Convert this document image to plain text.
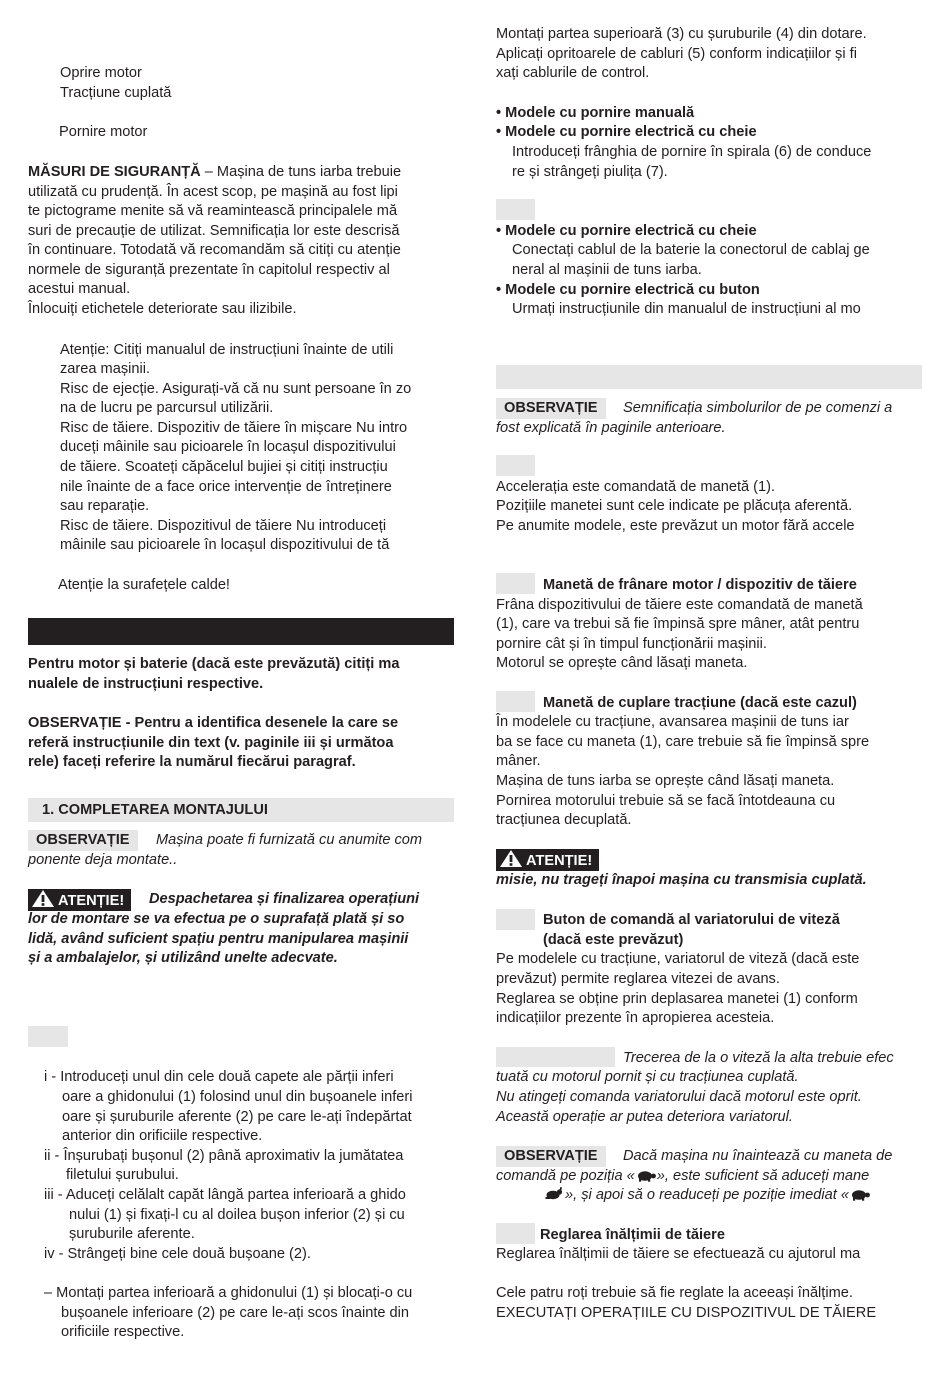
Oprire motor
Tracțiune cuplată
Pornire motor
MĂSURI DE SIGURANȚĂ – Mașina de tuns iarba trebuie
utilizată cu prudență. În acest scop, pe mașină au fost lipi
te pictograme menite să vă reamintească principalele mă
suri de precauție de utilizat. Semnificația lor este descrisă
în continuare. Totodată vă recomandăm să citiți cu atenție
normele de siguranță prezentate în capitolul respectiv al
acestui manual.
Înlocuiți etichetele deteriorate sau ilizibile.
Atenție: Citiți manualul de instrucțiuni înainte de utili
zarea mașinii.
Risc de ejecție. Asigurați-vă că nu sunt persoane în zo
na de lucru pe parcursul utilizării.
Risc de tăiere. Dispozitiv de tăiere în mișcare Nu intro
duceți mâinile sau picioarele în locașul dispozitivului
de tăiere. Scoateți căpăcelul bujiei și citiți instrucțiu
nile înainte de a face orice intervenție de întreținere
sau reparație.
Risc de tăiere. Dispozitivul de tăiere Nu introduceți
mâinile sau picioarele în locașul dispozitivului de tă
Atenție la surafețele calde!
Pentru motor și baterie (dacă este prevăzută) citiți ma
nualele de instrucțiuni respective.
OBSERVAȚIE - Pentru a identifica desenele la care se
referă instrucțiunile din text (v. paginile iii și următoa
rele) faceți referire la numărul fiecărui paragraf.
1. COMPLETAREA MONTAJULUI
OBSERVAȚIE	Mașina poate fi furnizată cu anumite com
ponente deja montate..
ATENȚIE!	Despachetarea și finalizarea operațiuni
lor de montare se va efectua pe o suprafață plată și so
lidă, având suficient spațiu pentru manipularea mașinii
și a ambalajelor, și utilizând unelte adecvate.
i - Introduceți unul din cele două capete ale părții inferi
oare a ghidonului (1) folosind unul din bușoanele inferi
oare și șuruburile aferente (2) pe care le-ați îndepărtat
anterior din orificiile respective.
ii - Înșurubați bușonul (2) până aproximativ la jumătatea
filetului șurubului.
iii - Aduceți celălalt capăt lângă partea inferioară a ghido
nului (1) și fixați-l cu al doilea bușon inferior (2) și cu
șuruburile aferente.
iv - Strângeți bine cele două bușoane (2).
– Montați partea inferioară a ghidonului (1) și blocați-o cu
bușoanele inferioare (2) pe care le-ați scos înainte din
orificiile respective.
Montați partea superioară (3) cu șuruburile (4) din dotare.
Aplicați opritoarele de cabluri (5) conform indicațiilor și fi
xați cablurile de control.
• Modele cu pornire manuală
• Modele cu pornire electrică cu cheie
Introduceți frânghia de pornire în spirala (6) de conduce
re și strângeți piulița (7).
• Modele cu pornire electrică cu cheie
Conectați cablul de la baterie la conectorul de cablaj ge
neral al mașinii de tuns iarba.
• Modele cu pornire electrică cu buton
Urmați instrucțiunile din manualul de instrucțiuni al mo
OBSERVAȚIE	Semnificația simbolurilor de pe comenzi a
fost explicată în paginile anterioare.
Accelerația este comandată de manetă (1).
Pozițiile manetei sunt cele indicate pe plăcuța aferentă.
Pe anumite modele, este prevăzut un motor fără accele
Manetă de frânare motor / dispozitiv de tăiere
Frâna dispozitivului de tăiere este comandată de manetă
(1), care va trebui să fie împinsă spre mâner, atât pentru
pornire cât și în timpul funcționării mașinii.
Motorul se oprește când lăsați maneta.
Manetă de cuplare tracțiune (dacă este cazul)
În modelele cu tracțiune, avansarea mașinii de tuns iar
ba se face cu maneta (1), care trebuie să fie împinsă spre
mâner.
Mașina de tuns iarba se oprește când lăsați maneta.
Pornirea motorului trebuie să se facă întotdeauna cu
tracțiunea decuplată.
ATENȚIE!
misie, nu trageți înapoi mașina cu transmisia cuplată.
Buton de comandă al variatorului de viteză
(dacă este prevăzut)
Pe modelele cu tracțiune, variatorul de viteză (dacă este
prevăzut) permite reglarea vitezei de avans.
Reglarea se obține prin deplasarea manetei (1) conform
indicațiilor prezente în apropierea acesteia.
Trecerea de la o viteză la alta trebuie efec
tuată cu motorul pornit și cu tracțiunea cuplată.
Nu atingeți comanda variatorului dacă motorul este oprit.
Această operație ar putea deteriora variatorul.
OBSERVAȚIE	Dacă mașina nu înaintează cu maneta de
comandă pe poziția « », este suficient să aduceți mane
», și apoi să o readuceți pe poziție imediat «
Reglarea înălțimii de tăiere
Reglarea înălțimii de tăiere se efectuează cu ajutorul ma
Cele patru roți trebuie să fie reglate la aceeași înălțime.
EXECUTAȚI OPERAȚIILE CU DISPOZITIVUL DE TĂIERE
